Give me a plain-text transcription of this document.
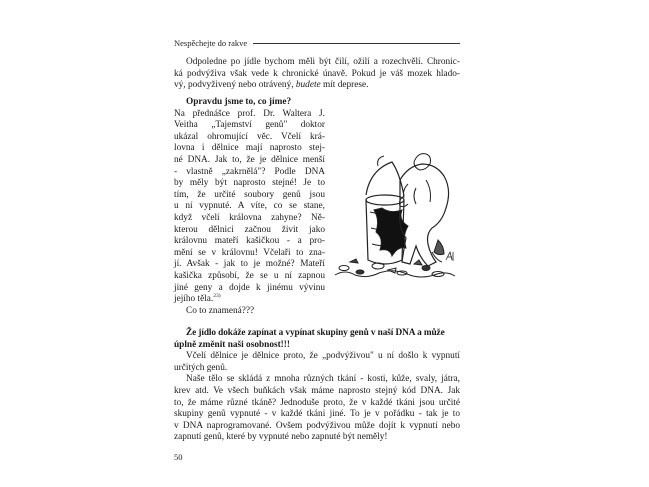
Nespěchejte do rakve
Odpoledne po jídle bychom měli být čilí, ožilí a rozechvělí. Chronic-
ká podvýživa však vede k chronické únavě. Pokud je váš mozek hlado-
vý, podvyživený nebo otrávený, budete mít deprese.
Opravdu jsme to, co jíme?
Na přednášce prof. Dr. Waltera J.
Veitha „Tajemství genů" doktor
ukázal ohromující věc. Včelí krá-
lovna i dělnice mají naprosto stej-
né DNA. Jak to, že je dělnice menší
- vlastně „zakrnělá"? Podle DNA
by měly být naprosto stejné! Je to
tím, že určité soubory genů jsou
u ní vypnuté. A víte, co se stane,
když včelí královna zahyne? Ně-
kterou dělnici začnou živit jako
královnu mateří kašičkou - a pro-
mění se v královnu! Včelaři to zna-
jí. Avšak - jak to je možné? Mateří
kašička způsobí, že se u ní zapnou
jiné geny a dojde k jinému vývinu
jejího těla.$^{23)}$
Co to znamená???
Že jídlo dokáže zapínat a vypínat skupiny genů v naší DNA a může
úplně změnit naši osobnost!!!
Včelí dělnice je dělnice proto, že „podvýživou" u ní došlo k vypnutí
určitých genů.
Naše tělo se skládá z mnoha různých tkání - kosti, kůže, svaly, játra,
krev atd. Ve všech buňkách však máme naprosto stejný kód DNA. Jak
to, že máme různé tkáně? Jednoduše proto, že v každé tkáni jsou určité
skupiny genů vypnuté - v každé tkáni jiné. To je v pořádku - tak je to
v DNA naprogramované. Ovšem podvýživou může dojít k vypnutí nebo
zapnutí genů, které by vypnuté nebo zapnuté být neměly!
50
